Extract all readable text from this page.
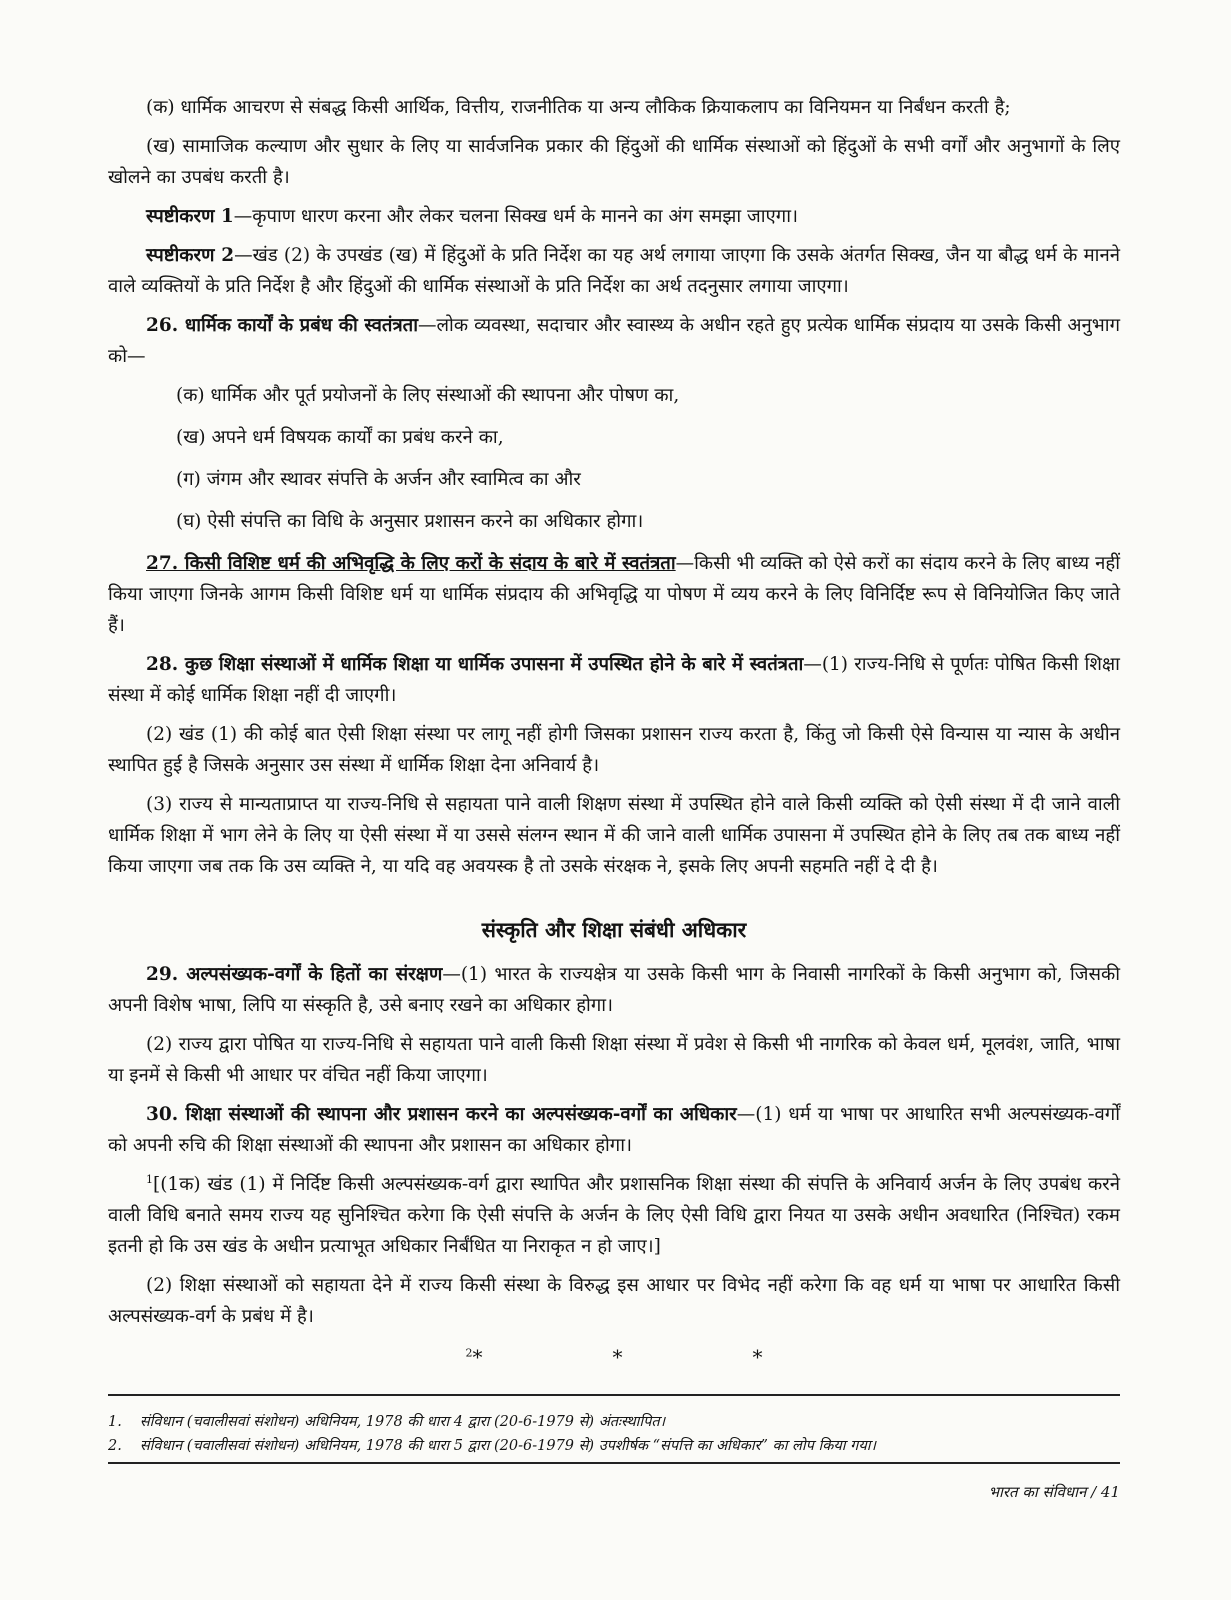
(क) धार्मिक आचरण से संबद्ध किसी आर्थिक, वित्तीय, राजनीतिक या अन्य लौकिक क्रियाकलाप का विनियमन या निर्बंधन करती है;

(ख) सामाजिक कल्याण और सुधार के लिए या सार्वजनिक प्रकार की हिंदुओं की धार्मिक संस्थाओं को हिंदुओं के सभी वर्गों और अनुभागों के लिए खोलने का उपबंध करती है।

स्पष्टीकरण 1—कृपाण धारण करना और लेकर चलना सिक्ख धर्म के मानने का अंग समझा जाएगा।

स्पष्टीकरण 2—खंड (2) के उपखंड (ख) में हिंदुओं के प्रति निर्देश का यह अर्थ लगाया जाएगा कि उसके अंतर्गत सिक्ख, जैन या बौद्ध धर्म के मानने वाले व्यक्तियों के प्रति निर्देश है और हिंदुओं की धार्मिक संस्थाओं के प्रति निर्देश का अर्थ तदनुसार लगाया जाएगा।

26. धार्मिक कार्यों के प्रबंध की स्वतंत्रता—लोक व्यवस्था, सदाचार और स्वास्थ्य के अधीन रहते हुए प्रत्येक धार्मिक संप्रदाय या उसके किसी अनुभाग को—

(क) धार्मिक और पूर्त प्रयोजनों के लिए संस्थाओं की स्थापना और पोषण का,

(ख) अपने धर्म विषयक कार्यों का प्रबंध करने का,

(ग) जंगम और स्थावर संपत्ति के अर्जन और स्वामित्व का और

(घ) ऐसी संपत्ति का विधि के अनुसार प्रशासन करने का अधिकार होगा।

27. किसी विशिष्ट धर्म की अभिवृद्धि के लिए करों के संदाय के बारे में स्वतंत्रता—किसी भी व्यक्ति को ऐसे करों का संदाय करने के लिए बाध्य नहीं किया जाएगा जिनके आगम किसी विशिष्ट धर्म या धार्मिक संप्रदाय की अभिवृद्धि या पोषण में व्यय करने के लिए विनिर्दिष्ट रूप से विनियोजित किए जाते हैं।

28. कुछ शिक्षा संस्थाओं में धार्मिक शिक्षा या धार्मिक उपासना में उपस्थित होने के बारे में स्वतंत्रता—(1) राज्य-निधि से पूर्णतः पोषित किसी शिक्षा संस्था में कोई धार्मिक शिक्षा नहीं दी जाएगी।

(2) खंड (1) की कोई बात ऐसी शिक्षा संस्था पर लागू नहीं होगी जिसका प्रशासन राज्य करता है, किंतु जो किसी ऐसे विन्यास या न्यास के अधीन स्थापित हुई है जिसके अनुसार उस संस्था में धार्मिक शिक्षा देना अनिवार्य है।

(3) राज्य से मान्यताप्राप्त या राज्य-निधि से सहायता पाने वाली शिक्षण संस्था में उपस्थित होने वाले किसी व्यक्ति को ऐसी संस्था में दी जाने वाली धार्मिक शिक्षा में भाग लेने के लिए या ऐसी संस्था में या उससे संलग्न स्थान में की जाने वाली धार्मिक उपासना में उपस्थित होने के लिए तब तक बाध्य नहीं किया जाएगा जब तक कि उस व्यक्ति ने, या यदि वह अवयस्क है तो उसके संरक्षक ने, इसके लिए अपनी सहमति नहीं दे दी है।

संस्कृति और शिक्षा संबंधी अधिकार

29. अल्पसंख्यक-वर्गों के हितों का संरक्षण—(1) भारत के राज्यक्षेत्र या उसके किसी भाग के निवासी नागरिकों के किसी अनुभाग को, जिसकी अपनी विशेष भाषा, लिपि या संस्कृति है, उसे बनाए रखने का अधिकार होगा।

(2) राज्य द्वारा पोषित या राज्य-निधि से सहायता पाने वाली किसी शिक्षा संस्था में प्रवेश से किसी भी नागरिक को केवल धर्म, मूलवंश, जाति, भाषा या इनमें से किसी भी आधार पर वंचित नहीं किया जाएगा।

30. शिक्षा संस्थाओं की स्थापना और प्रशासन करने का अल्पसंख्यक-वर्गों का अधिकार—(1) धर्म या भाषा पर आधारित सभी अल्पसंख्यक-वर्गों को अपनी रुचि की शिक्षा संस्थाओं की स्थापना और प्रशासन का अधिकार होगा।

$^1$[(1क) खंड (1) में निर्दिष्ट किसी अल्पसंख्यक-वर्ग द्वारा स्थापित और प्रशासनिक शिक्षा संस्था की संपत्ति के अनिवार्य अर्जन के लिए उपबंध करने वाली विधि बनाते समय राज्य यह सुनिश्चित करेगा कि ऐसी संपत्ति के अर्जन के लिए ऐसी विधि द्वारा नियत या उसके अधीन अवधारित (निश्चित) रकम इतनी हो कि उस खंड के अधीन प्रत्याभूत अधिकार निर्बंधित या निराकृत न हो जाए।]

(2) शिक्षा संस्थाओं को सहायता देने में राज्य किसी संस्था के विरुद्ध इस आधार पर विभेद नहीं करेगा कि वह धर्म या भाषा पर आधारित किसी अल्पसंख्यक-वर्ग के प्रबंध में है।

$^2$*	*	*
1. संविधान (चवालीसवां संशोधन) अधिनियम, 1978 की धारा 4 द्वारा (20-6-1979 से) अंतःस्थापित।
2. संविधान (चवालीसवां संशोधन) अधिनियम, 1978 की धारा 5 द्वारा (20-6-1979 से) उपशीर्षक “संपत्ति का अधिकार” का लोप किया गया।
भारत का संविधान / 41
